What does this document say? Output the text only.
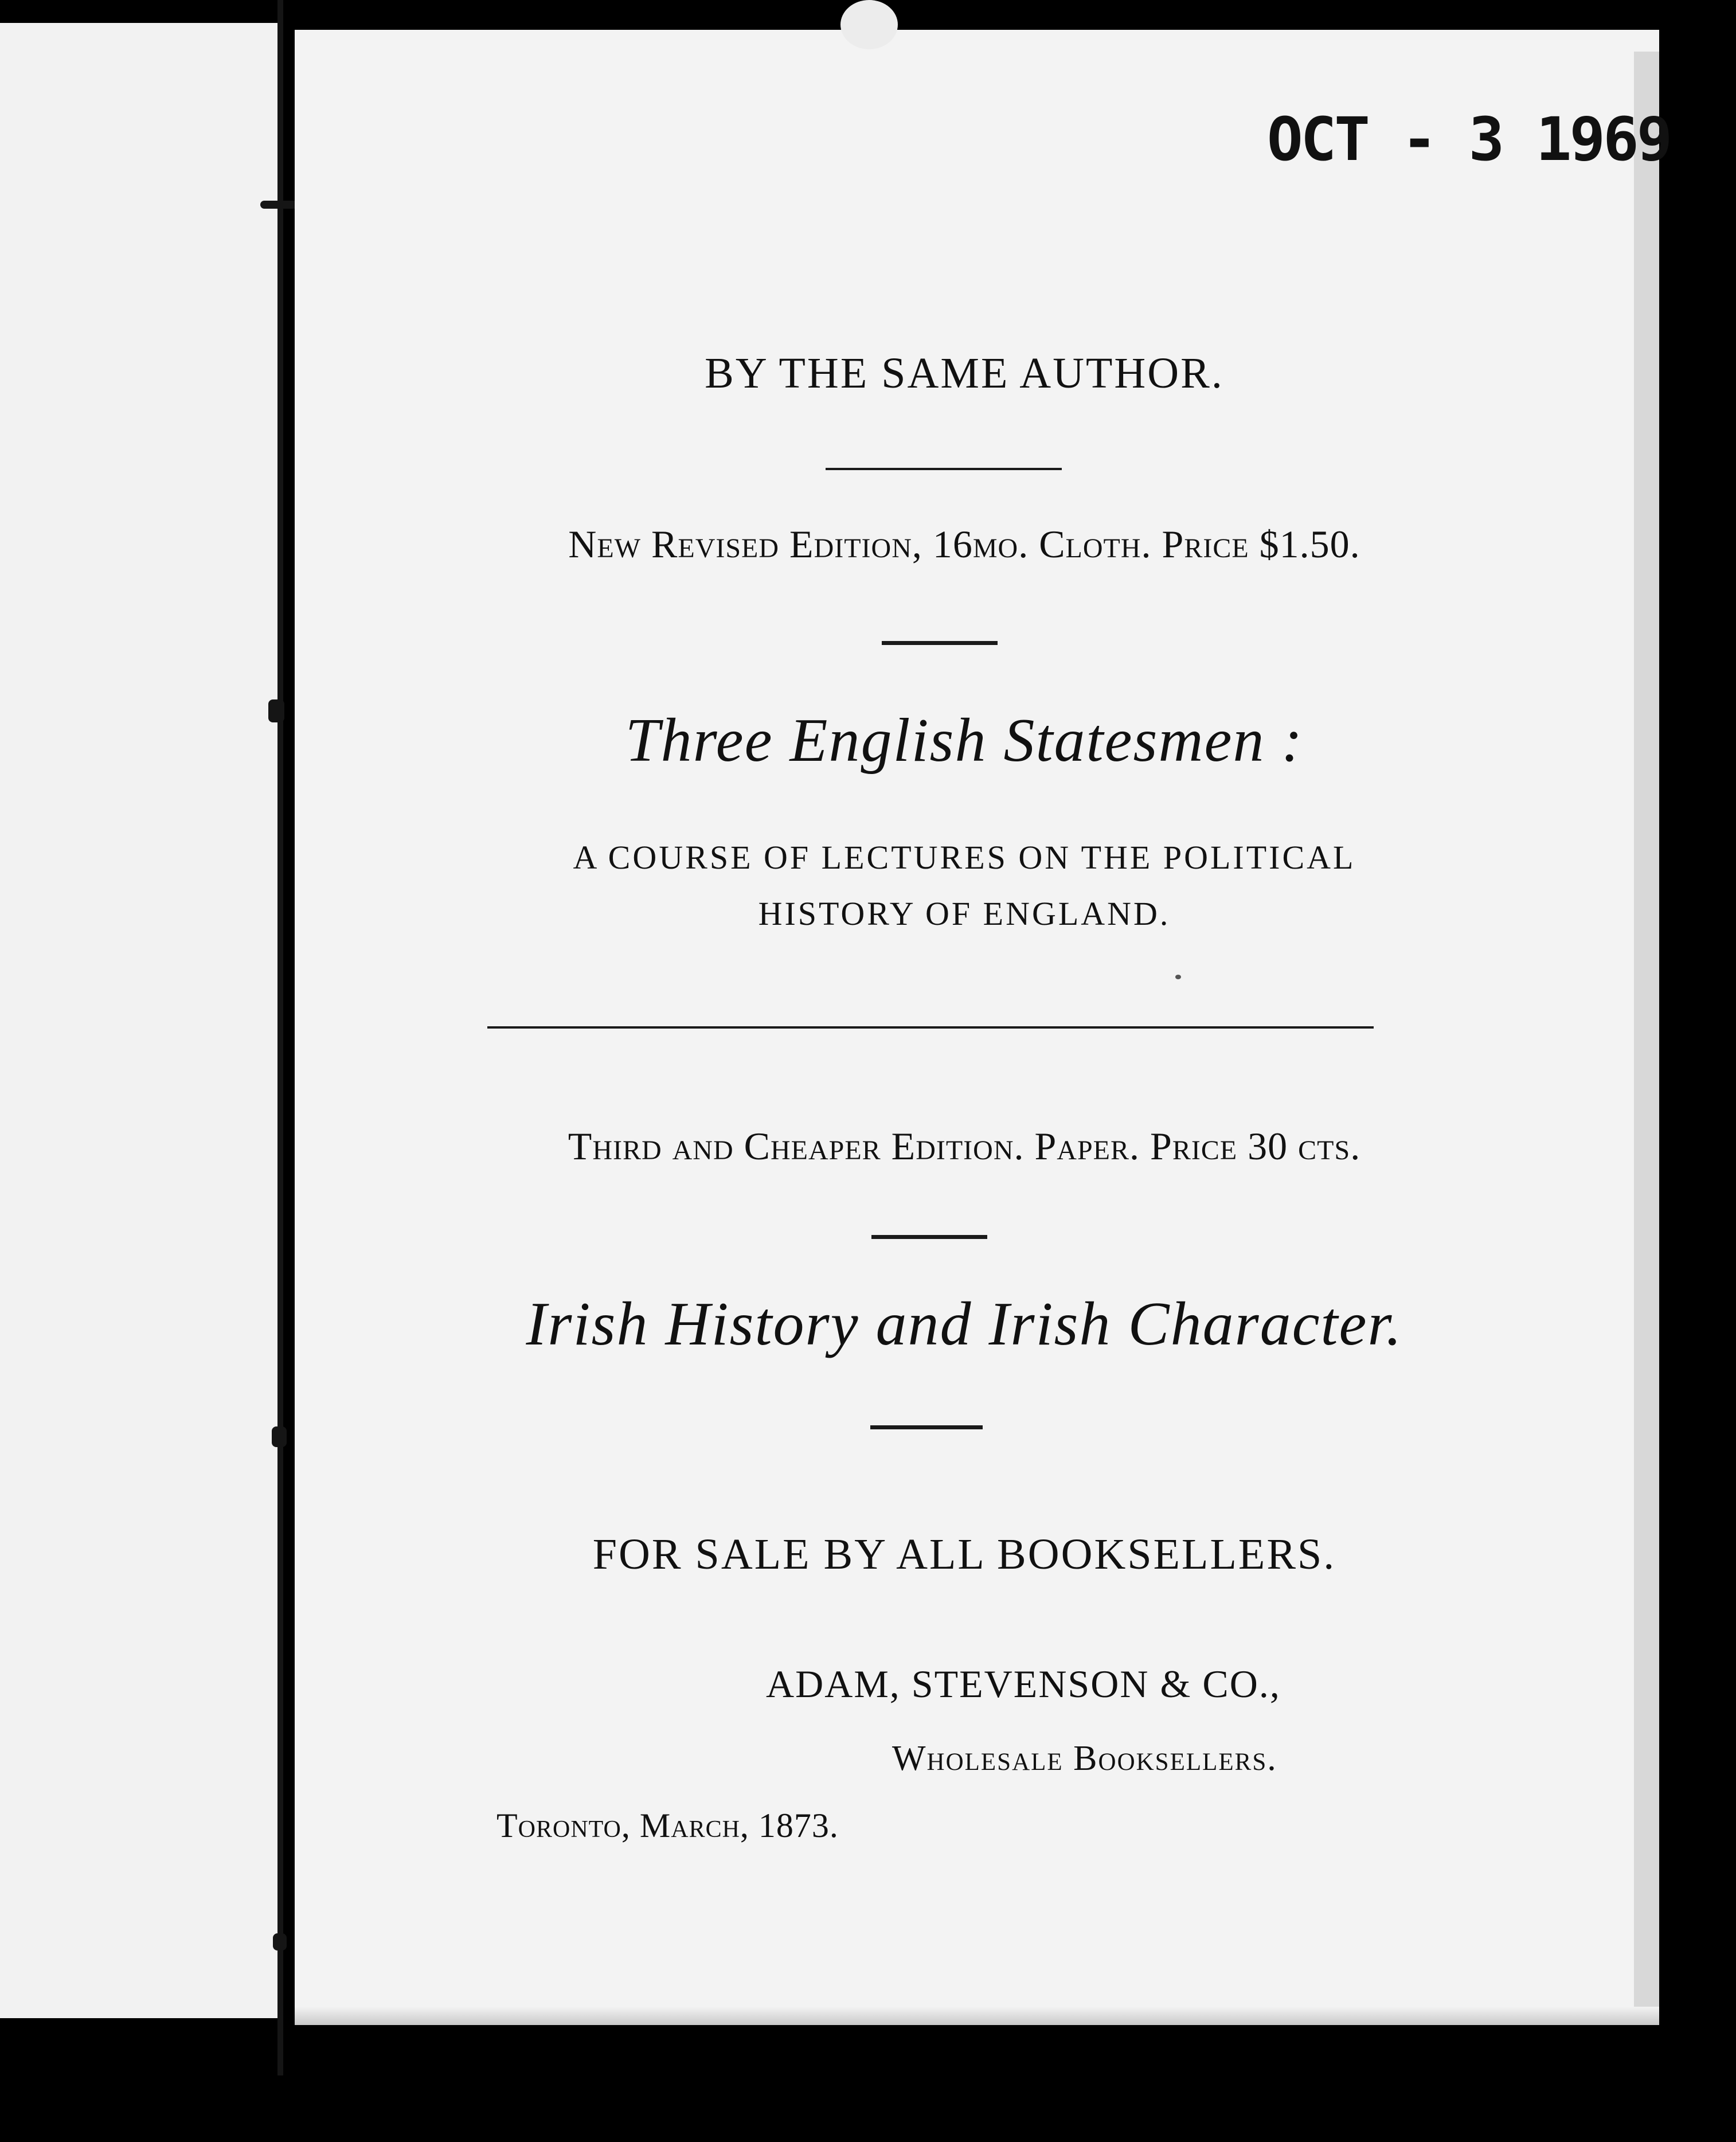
OCT - 3 1969
BY THE SAME AUTHOR.
New Revised Edition, 16mo. Cloth. Price $1.50.
Three English Statesmen :
A COURSE OF LECTURES ON THE POLITICAL
HISTORY OF ENGLAND.
Third and Cheaper Edition. Paper. Price 30 cts.
Irish History and Irish Character.
FOR SALE BY ALL BOOKSELLERS.
ADAM, STEVENSON & CO.,
Wholesale Booksellers.
Toronto, March, 1873.
